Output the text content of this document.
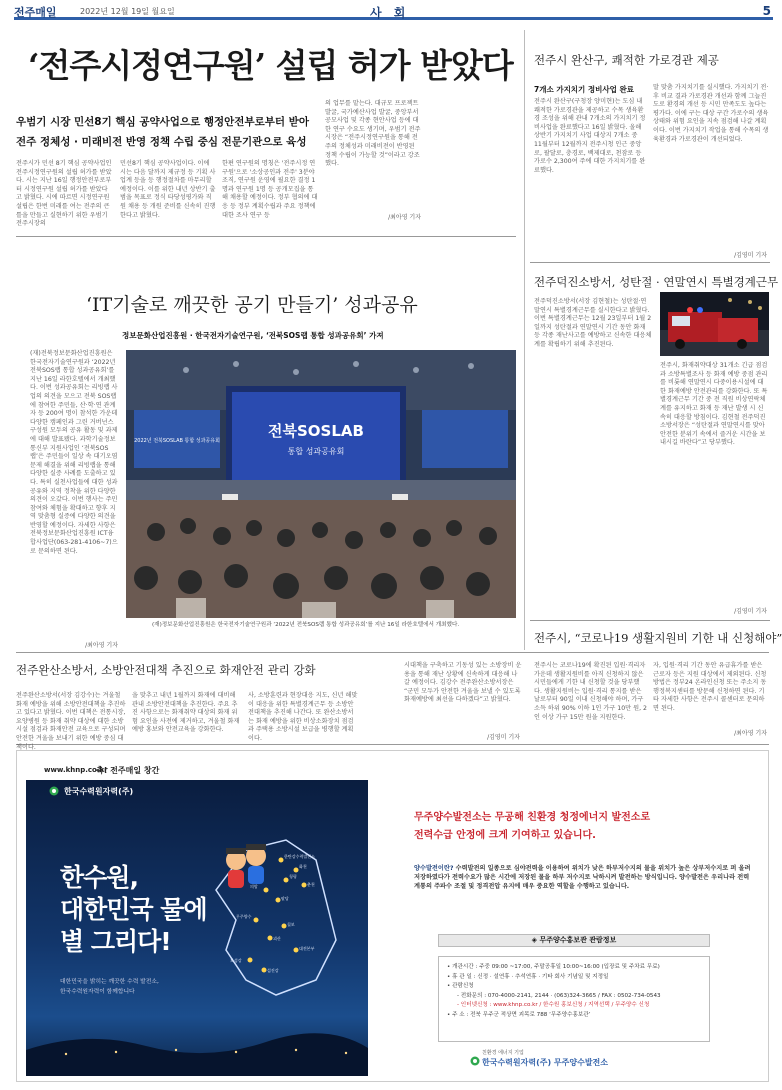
전주매일	2022년 12월 19일 월요일	사 회	5
‘전주시정연구원’ 설립 허가 받았다
우범기 시장 민선8기 핵심 공약사업으로 행정안전부로부터 받아
전주 정체성 · 미래비전 반영 정책 수립 중심 전문기관으로 육성
전주시가 민선 8기 핵심 공약사업인 전주시정연구원의 설립 허가를 받았다. 시는 지난 16일 행정안전부로부터 시정연구원 설립 허가를 받았다고 밝혔다. 시에 따르면 시정연구원 설립은 한번 미래를 여는 전주의 큰 틀을 만들고 실현하기 위한 우범기 전주시장의
민선8기 핵심 공약사업이다. 이에 시는 다음 달까지 제규정 등 기획 사업계 등을 등 행정절차를 마무리할 예정이다. 이를 위한 내년 상반기 출범을 목표로 정식 타당성평가와 직원 채용 등 개원 준비를 신속히 진행한다고 밝혔다.
한편 연구원의 명칭은 '전주시정 연구원'으로 '소상공인과 전주' 3분야 조직, 연구원 운영에 필요한 결정 1명과 연구원 1명 등 공개모집을 통해 채용할 예정이다. 정부 협의에 대응 등 정부 계획수립과 주요 정책에 대한 조사 연구 등
의 업무를 맡는다. 대규모 프로젝트 발굴, 국가예산사업 발굴, 중앙부서 공모사업 및 각종 현안사업 등에 대한 연구 수요도 생기며, 우범기 전주시장은 “전주시정연구원을 통해 전주의 정체성과 미래비전이 반영된 정책 수립이 가능할 것”이라고 강조했다.
/최아영 기자
전주시 완산구, 쾌적한 가로경관 제공
7개소 가지치기 정비사업 완료
전주시 완산구(구청장 양미현)는 도심 내 쾌적한 가로경관을 제공하고 수목 생육환경 조성을 위해 관내 7개소의 가지치기 정비사업을 완료했다고 16일 밝혔다. 올해 상반기 가지치기 사업 대상지 7개소 중 11월부터 12월까지 전주시청 인근 중앙로, 팔달로, 충경로, 백제대로, 천잠로 등 가로수 2,300여 주에 대한 가지치기를 완료했다.
말 맞춤 가지치기를 실시했다. 가지치기 전·후 비교 결과 가로경관 개선과 함께 그늘진 도로 환경의 개선 등 시민 만족도도 높다는 평가다. 이에 구는 대상 구간 가로수의 생육상태와 위험 요인을 지속 점검해 나갈 계획이다. 이번 가지치기 작업을 통해 수목의 생육환경과 가로경관이 개선되었다.
/김영미 기자
‘IT기술로 깨끗한 공기 만들기’ 성과공유
정보문화산업진흥원 · 한국전자기술연구원, ‘전북SOS랩 통합 성과공유회’ 가져
(재)전북정보문화산업진흥원은 한국전자기술연구원과 ‘2022년 전북SOS랩 통합 성과공유회’를 지난 16일 라한호텔에서 개최했다. 이번 성과공유회는 리빙랩 사업의 의견을 모으고 전북 SOS랩에 참여한 주민들, 산·학·연 관계자 등 200여 명이 참석한 가운데 다양한 캠페인과 그린 거버넌스 구성원 모두의 공유 활동 및 과제에 대해 발표됐다. 과학기술정보통신부 지원사업인 ‘전북SOS랩’은 주민들이 일상 속 대기오염 문제 해결을 위해 리빙랩을 통해 다양한 실증 사례를 도출하고 있다. 특히 실천사업들에 대한 성과 공유와 지역 정착을 위한 다양한 의견이 오갔다. 이번 행사는 주민 참여와 체험을 확대하고 향후 지역 맞춤형 실증에 다양한 의견을 반영할 예정이다. 자세한 사항은 전북정보문화산업진흥원 ICT융합사업단(063-281-4106~7)으로 문의하면 된다.
/최아영 기자
전북SOSLAB
통합 성과공유회
2022년 전북SOSLAB 통합 성과공유회
(재)정보문화산업진흥원은 한국전자기술연구원과 ‘2022년 전북SOS랩 통합 성과공유회’를 지난 16일 라한호텔에서 개최했다.
전주덕진소방서, 성탄절 · 연말연시 특별경계근무
전주덕진소방서(서장 김현철)는 성탄절·연말연시 특별경계근무를 실시한다고 밝혔다. 이번 특별경계근무는 12월 23일부터 1월 2일까지 성탄절과 연말연시 기간 동안 화재 등 각종 재난사고를 예방하고 신속한 대응체계를 확립하기 위해 추진된다.
전주시, 화재취약대상 31개소 긴급 점검과 소방특별조사 등 화재 예방 중점 관리를 비롯해 연말연시 다중이용시설에 대한 화재예방 안전관리를 강화한다. 또 특별경계근무 기간 중 전 직원 비상연락체계를 유지하고 화재 등 재난 발생 시 신속히 대응할 방침이다. 김현철 전주덕진소방서장은 “성탄절과 연말연시를 맞아 안전한 분위기 속에서 즐거운 시간을 보내시길 바란다”고 당부했다.
/김영미 기자
전주시, “코로나19 생활지원비 기한 내 신청해야”
전주시는 코로나19에 확진된 입원·격리자 가운데 생활지원비를 아직 신청하지 않은 시민들에게 기한 내 신청할 것을 당부했다. 생활지원비는 입원·격리 통지를 받은 날로부터 90일 이내 신청해야 하며, 가구 소득 하위 90% 이하 1인 가구 10만 원, 2인 이상 가구 15만 원을 지원한다.
자, 입원·격리 기간 동안 유급휴가를 받은 근로자 등은 지원 대상에서 제외된다. 신청 방법은 정부24 온라인신청 또는 주소지 동 행정복지센터를 방문해 신청하면 된다. 기타 자세한 사항은 전주시 콜센터로 문의하면 된다.
/최아영 기자
전주완산소방서, 소방안전대책 추진으로 화재안전 관리 강화
전주완산소방서(서장 김강수)는 겨울철 화재 예방을 위해 소방안전대책을 추진하고 있다고 밝혔다. 이번 대책은 전통시장, 요양병원 등 화재 취약 대상에 대한 소방시설 점검과 화재안전 교육으로 구성되며 안전한 겨울을 보내기 위한 예방 중심 대책이다.
을 맞추고 내년 1월까지 화재에 대비해 관내 소방안전대책을 추진한다. 주요 추진 사항으로는 화재취약 대상의 화재 위험 요인을 사전에 제거하고, 겨울철 화재예방 홍보와 안전교육을 강화한다.
사, 소방훈련과 현장대응 지도, 신년 해맞이 대응을 위한 특별경계근무 등 소방안전대책을 추진해 나간다. 또 완산소방서는 화재 예방을 위한 비상소화장치 점검과 주택용 소방시설 보급을 병행할 계획이다.
시대책을 구축하고 기동성 있는 소방장비 운용을 통해 재난 상황에 신속하게 대응해 나갈 예정이다. 김강수 전주완산소방서장은 “군민 모두가 안전한 겨울을 보낼 수 있도록 화재예방에 최선을 다하겠다”고 밝혔다.
/김영미 기자
www.khnp.co.kr
축! 전주매일 창간
한국수력원자력(주)
한수원,
대한민국 물에
별 그리다!
대한민국을 밝히는 깨끗한 수력 발전소,
한국수력원자력이 함께합니다
한탄강수력발전소
화천
청평
춘천
의암
팔당
괴산
보성강
섬진강
칠보
무주양수
대전본부
무주양수발전소는 무공해 친환경 청정에너지 발전소로
전력수급 안정에 크게 기여하고 있습니다.
양수발전이란? 수력발전의 일종으로 심야전력을 이용하여 위치가 낮은 하부저수지의 물을 위치가 높은 상부저수지로 퍼 올려 저장하였다가 전력수요가 많은 시간에 저장된 물을 하부 저수지로 낙하시켜 발전하는 방식입니다. 양수발전은 우리나라 전력계통의 주파수 조절 및 정격전압 유지에 매우 중요한 역할을 수행하고 있습니다.
◈ 무주양수홍보관 관람정보
• 개관시간 : 주중 09:00 ~17:00, 주말공휴일 10:00~16:00 (입장료 및 주차료 무료)
• 휴 관 일 : 신정 · 설연휴 · 추석연휴 · 기타 회사 기념일 및 지정일
• 관람신청
- 전화문의 : 070-4000-2141, 2144 · (063)324-3665 / FAX : 0502-734-0543
- 인터넷신청 : www.khnp.co.kr / 한수원 홍보신청 / 지역선택 / 무주양수 신청
• 주 소 : 전북 무주군 적상면 괴목로 788 ‘무주양수홍보관’
친환경 에너지 기업
한국수력원자력(주) 무주양수발전소
